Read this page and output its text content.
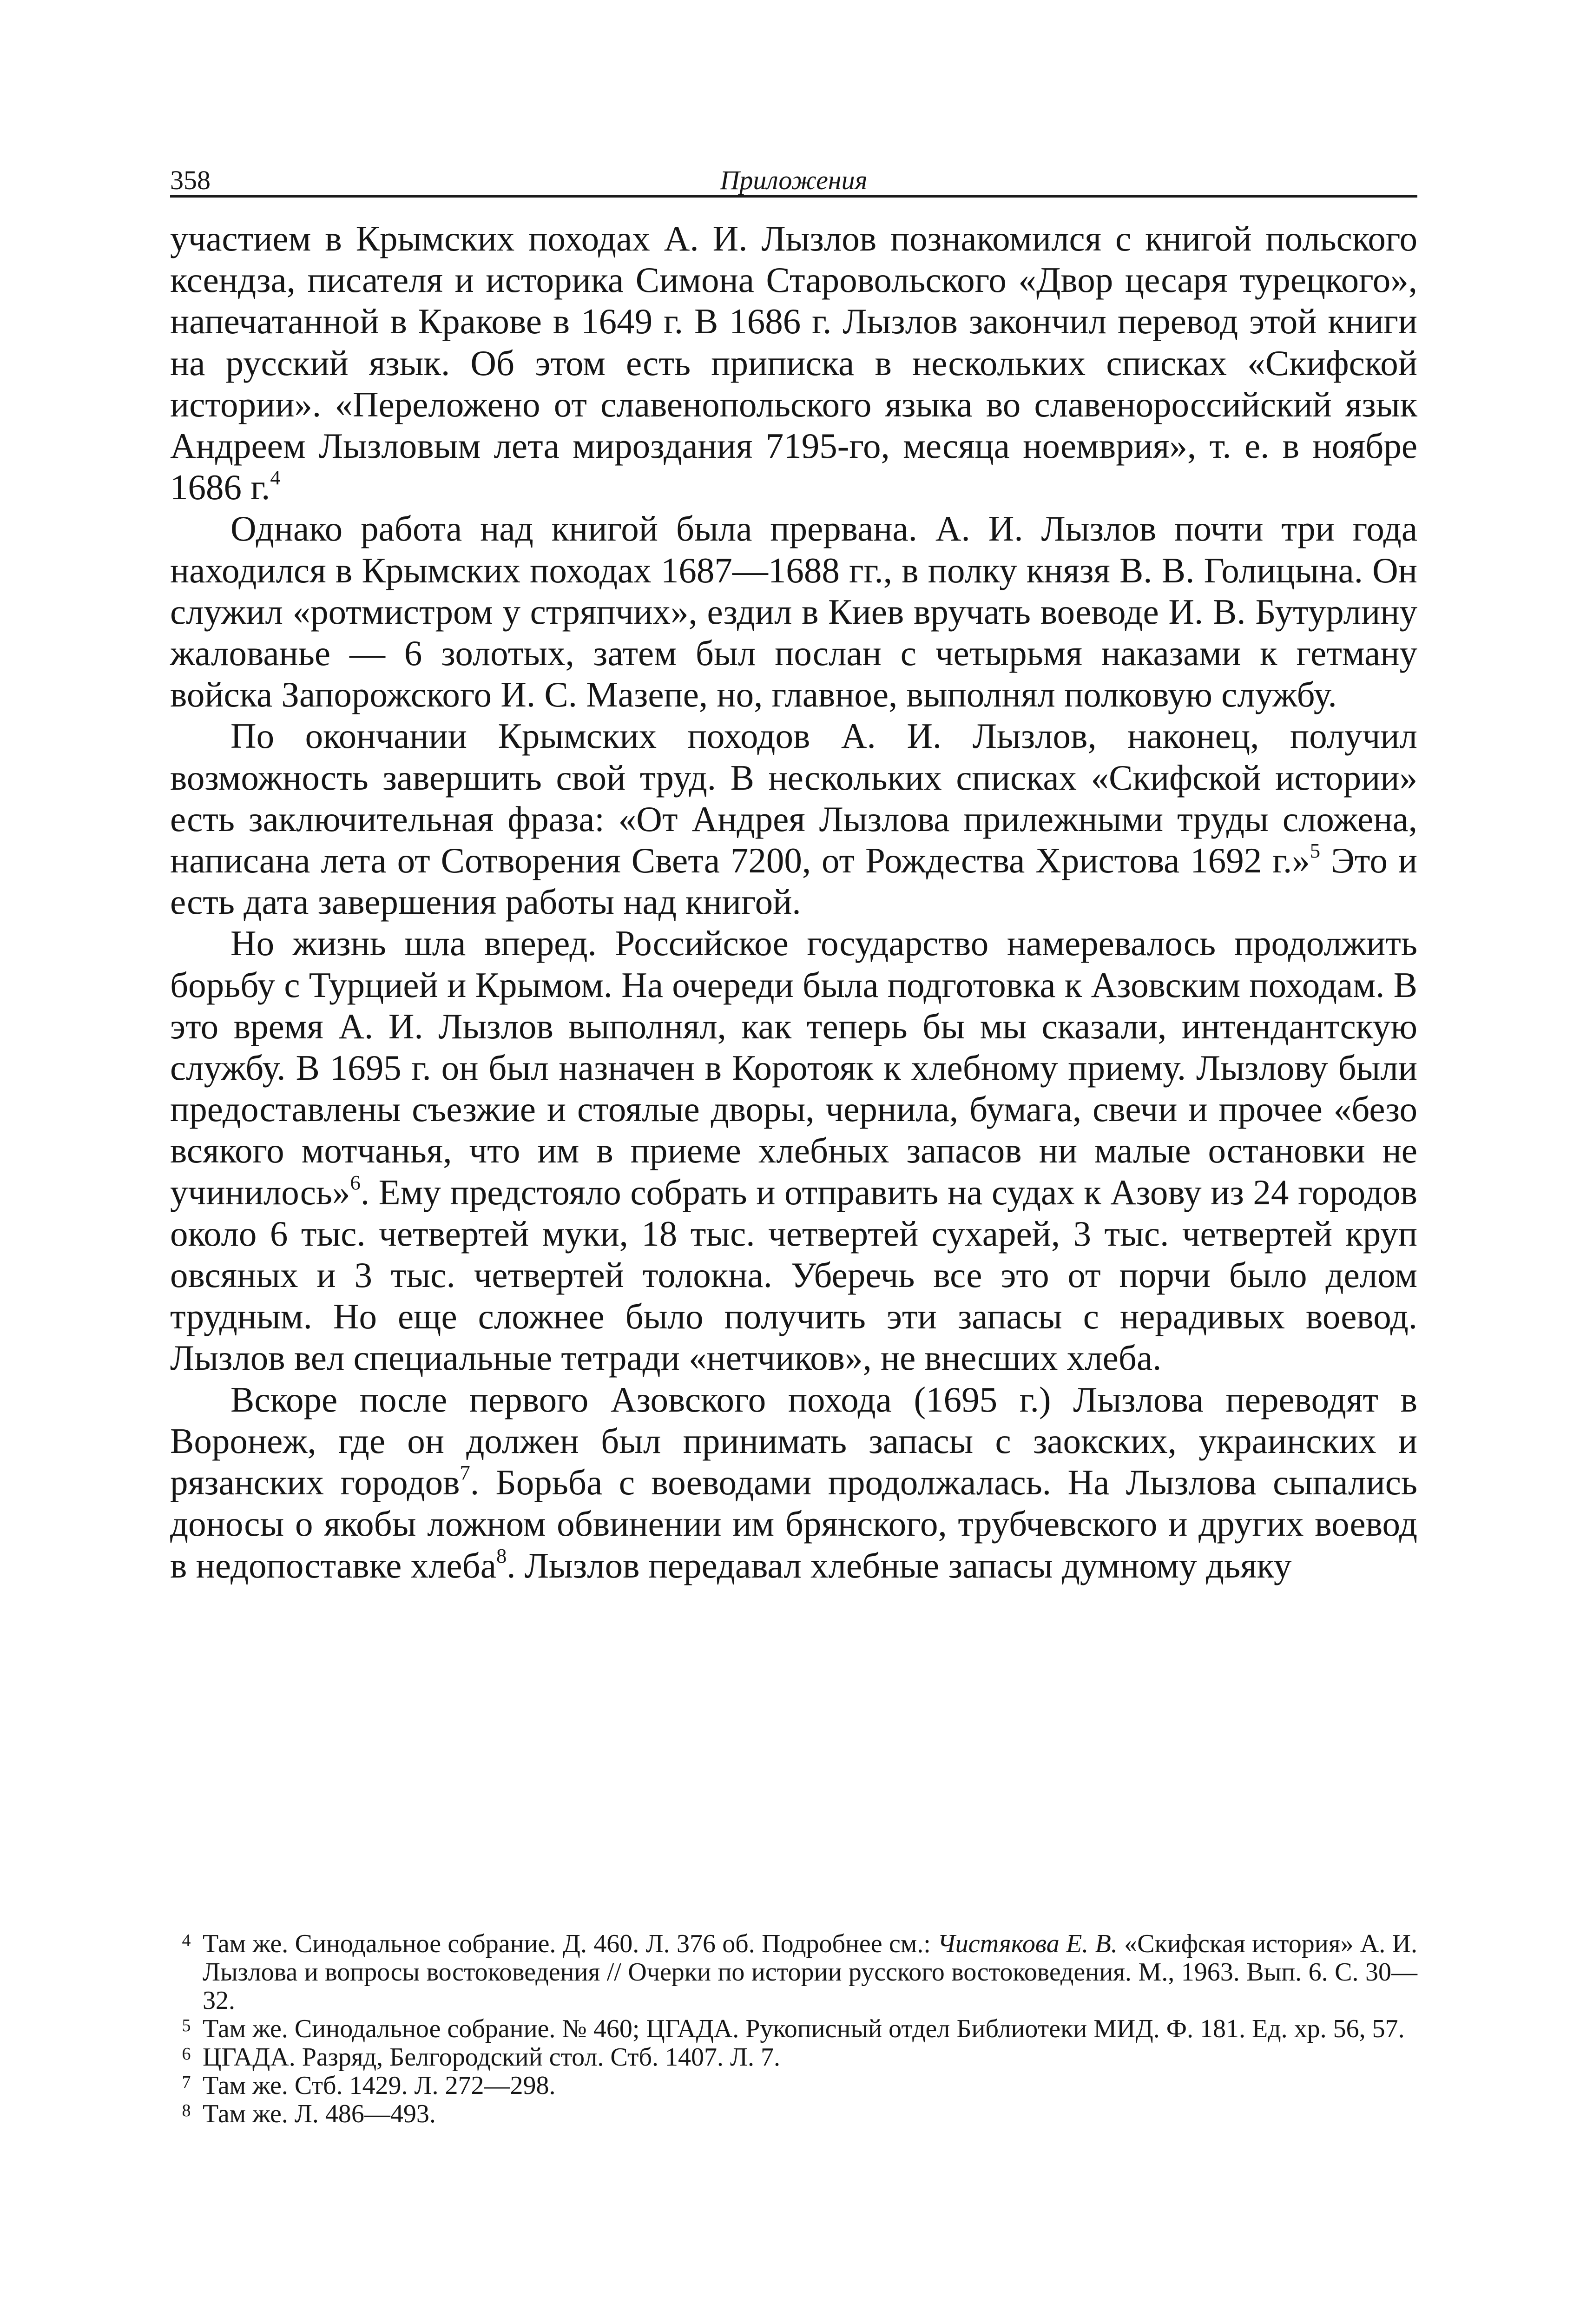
358	Приложения

участием в Крымских походах А. И. Лызлов познакомился с книгой польского ксендза, писателя и историка Симона Старовольского «Двор цесаря турецкого», напечатанной в Кракове в 1649 г. В 1686 г. Лызлов закончил перевод этой книги на русский язык. Об этом есть приписка в нескольких списках «Скифской истории». «Переложено от славенопольского языка во славенороссийский язык Андреем Лызловым лета мироздания 7195-го, месяца ноемврия», т. е. в ноябре 1686 г.$^4$

Однако работа над книгой была прервана. А. И. Лызлов почти три года находился в Крымских походах 1687—1688 гг., в полку князя В. В. Голицына. Он служил «ротмистром у стряпчих», ездил в Киев вручать воеводе И. В. Бутурлину жалованье — 6 золотых, затем был послан с четырьмя наказами к гетману войска Запорожского И. С. Мазепе, но, главное, выполнял полковую службу.

По окончании Крымских походов А. И. Лызлов, наконец, получил возможность завершить свой труд. В нескольких списках «Скифской истории» есть заключительная фраза: «От Андрея Лызлова прилежными труды сложена, написана лета от Сотворения Света 7200, от Рождества Христова 1692 г.»$^5$ Это и есть дата завершения работы над книгой.

Но жизнь шла вперед. Российское государство намеревалось продолжить борьбу с Турцией и Крымом. На очереди была подготовка к Азовским походам. В это время А. И. Лызлов выполнял, как теперь бы мы сказали, интендантскую службу. В 1695 г. он был назначен в Коротояк к хлебному приему. Лызлову были предоставлены съезжие и стоялые дворы, чернила, бумага, свечи и прочее «безо всякого мотчанья, что им в приеме хлебных запасов ни малые остановки не учинилось»$^6$. Ему предстояло собрать и отправить на судах к Азову из 24 городов около 6 тыс. четвертей муки, 18 тыс. четвертей сухарей, 3 тыс. четвертей круп овсяных и 3 тыс. четвертей толокна. Уберечь все это от порчи было делом трудным. Но еще сложнее было получить эти запасы с нерадивых воевод. Лызлов вел специальные тетради «нетчиков», не внесших хлеба.

Вскоре после первого Азовского похода (1695 г.) Лызлова переводят в Воронеж, где он должен был принимать запасы с заокских, украинских и рязанских городов$^7$. Борьба с воеводами продолжалась. На Лызлова сыпались доносы о якобы ложном обвинении им брянского, трубчевского и других воевод в недопоставке хлеба$^8$. Лызлов передавал хлебные запасы думному дьяку

4 Там же. Синодальное собрание. Д. 460. Л. 376 об. Подробнее см.: Чистякова Е. В. «Скифская история» А. И. Лызлова и вопросы востоковедения // Очерки по истории русского востоковедения. М., 1963. Вып. 6. С. 30—32.
5 Там же. Синодальное собрание. № 460; ЦГАДА. Рукописный отдел Библиотеки МИД. Ф. 181. Ед. хр. 56, 57.
6 ЦГАДА. Разряд, Белгородский стол. Стб. 1407. Л. 7.
7 Там же. Стб. 1429. Л. 272—298.
8 Там же. Л. 486—493.
